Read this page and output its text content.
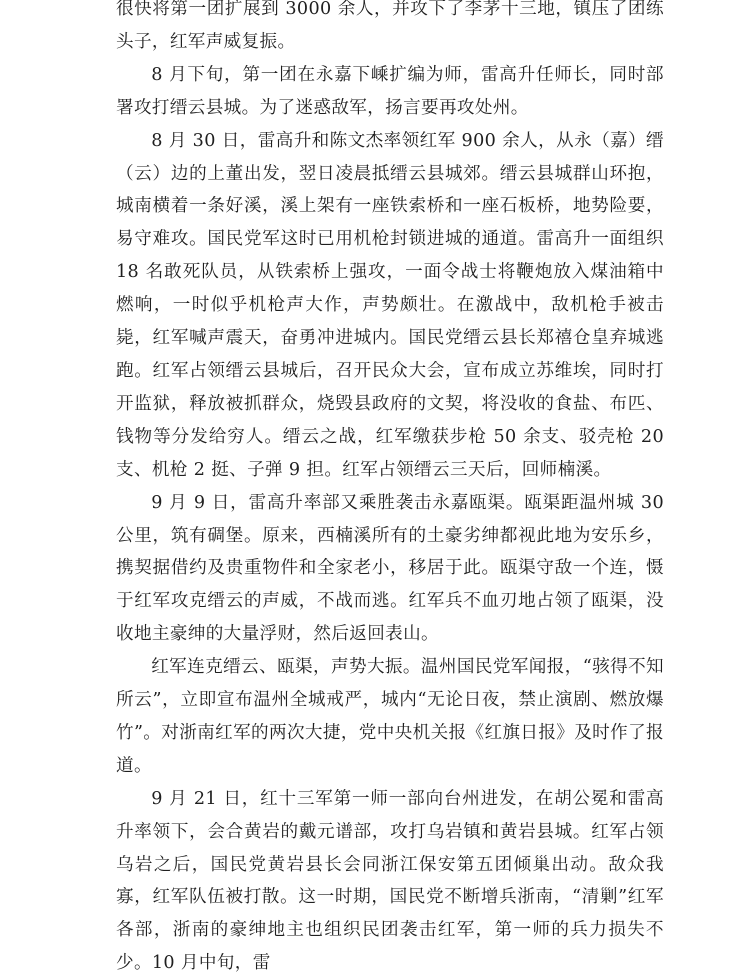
很快将第一团扩展到 3000 余人，并攻下了李茅十三地，镇压了团练头子，红军声威复振。

8 月下旬，第一团在永嘉下嵊扩编为师，雷高升任师长，同时部署攻打缙云县城。为了迷惑敌军，扬言要再攻处州。

8 月 30 日，雷高升和陈文杰率领红军 900 余人，从永（嘉）缙（云）边的上董出发，翌日凌晨抵缙云县城郊。缙云县城群山环抱，城南横着一条好溪，溪上架有一座铁索桥和一座石板桥，地势险要，易守难攻。国民党军这时已用机枪封锁进城的通道。雷高升一面组织 18 名敢死队员，从铁索桥上强攻，一面令战士将鞭炮放入煤油箱中燃响，一时似乎机枪声大作，声势颇壮。在激战中，敌机枪手被击毙，红军喊声震天，奋勇冲进城内。国民党缙云县长郑禧仓皇弃城逃跑。红军占领缙云县城后，召开民众大会，宣布成立苏维埃，同时打开监狱，释放被抓群众，烧毁县政府的文契，将没收的食盐、布匹、钱物等分发给穷人。缙云之战，红军缴获步枪 50 余支、驳壳枪 20 支、机枪 2 挺、子弹 9 担。红军占领缙云三天后，回师楠溪。

9 月 9 日，雷高升率部又乘胜袭击永嘉瓯渠。瓯渠距温州城 30 公里，筑有碉堡。原来，西楠溪所有的土豪劣绅都视此地为安乐乡，携契据借约及贵重物件和全家老小，移居于此。瓯渠守敌一个连，慑于红军攻克缙云的声威，不战而逃。红军兵不血刃地占领了瓯渠，没收地主豪绅的大量浮财，然后返回表山。

红军连克缙云、瓯渠，声势大振。温州国民党军闻报，“骇得不知所云”，立即宣布温州全城戒严，城内“无论日夜，禁止演剧、燃放爆竹”。对浙南红军的两次大捷，党中央机关报《红旗日报》及时作了报道。

9 月 21 日，红十三军第一师一部向台州进发，在胡公冕和雷高升率领下，会合黄岩的戴元谱部，攻打乌岩镇和黄岩县城。红军占领乌岩之后，国民党黄岩县长会同浙江保安第五团倾巢出动。敌众我寡，红军队伍被打散。这一时期，国民党不断增兵浙南，“清剿”红军各部，浙南的豪绅地主也组织民团袭击红军，第一师的兵力损失不少。10 月中旬，雷
